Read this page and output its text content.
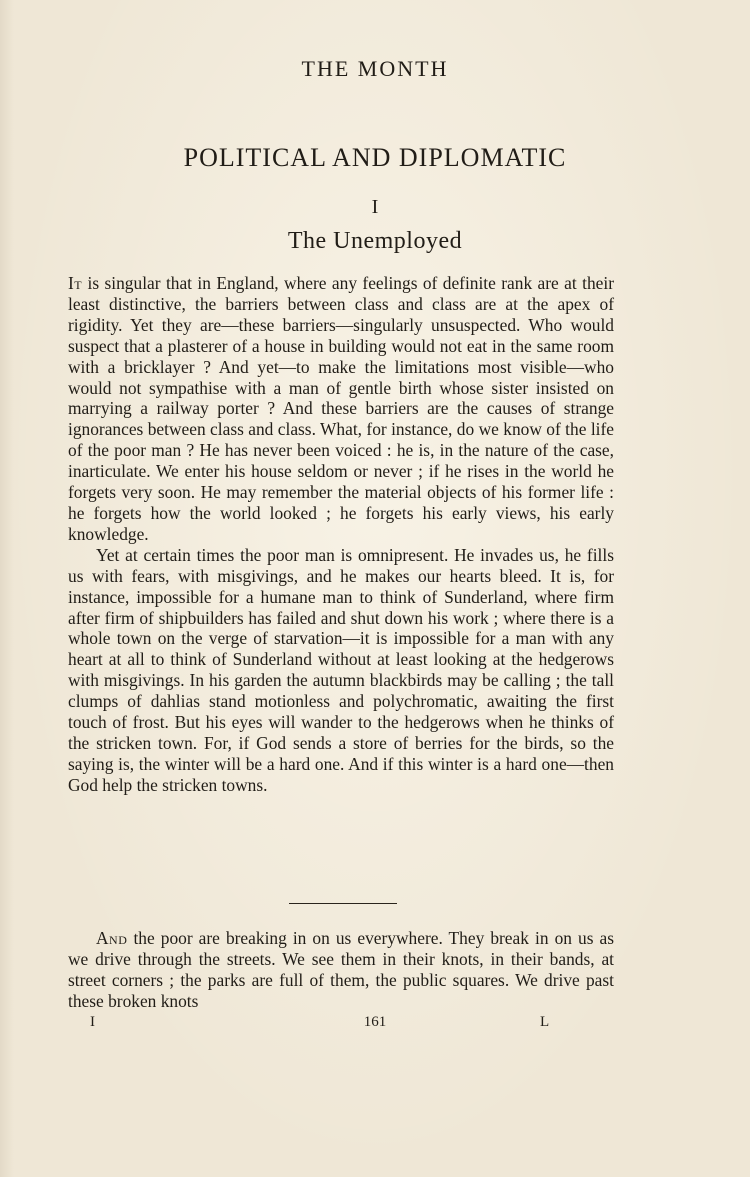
THE MONTH
POLITICAL AND DIPLOMATIC
I
The Unemployed

It is singular that in England, where any feelings of definite rank are at their least distinctive, the barriers between class and class are at the apex of rigidity. Yet they are—these barriers—singularly unsuspected. Who would suspect that a plasterer of a house in building would not eat in the same room with a bricklayer ? And yet—to make the limitations most visible—who would not sympathise with a man of gentle birth whose sister insisted on marrying a railway porter ? And these barriers are the causes of strange ignorances between class and class. What, for instance, do we know of the life of the poor man ? He has never been voiced : he is, in the nature of the case, inarticulate. We enter his house seldom or never ; if he rises in the world he forgets very soon. He may remember the material objects of his former life : he forgets how the world looked ; he forgets his early views, his early knowledge.

Yet at certain times the poor man is omnipresent. He invades us, he fills us with fears, with misgivings, and he makes our hearts bleed. It is, for instance, impossible for a humane man to think of Sunderland, where firm after firm of shipbuilders has failed and shut down his work ; where there is a whole town on the verge of starvation—it is impossible for a man with any heart at all to think of Sunderland without at least looking at the hedgerows with misgivings. In his garden the autumn blackbirds may be calling ; the tall clumps of dahlias stand motionless and polychromatic, awaiting the first touch of frost. But his eyes will wander to the hedgerows when he thinks of the stricken town. For, if God sends a store of berries for the birds, so the saying is, the winter will be a hard one. And if this winter is a hard one—then God help the stricken towns.

And the poor are breaking in on us everywhere. They break in on us as we drive through the streets. We see them in their knots, in their bands, at street corners ; the parks are full of them, the public squares. We drive past these broken knots

I	161	L
